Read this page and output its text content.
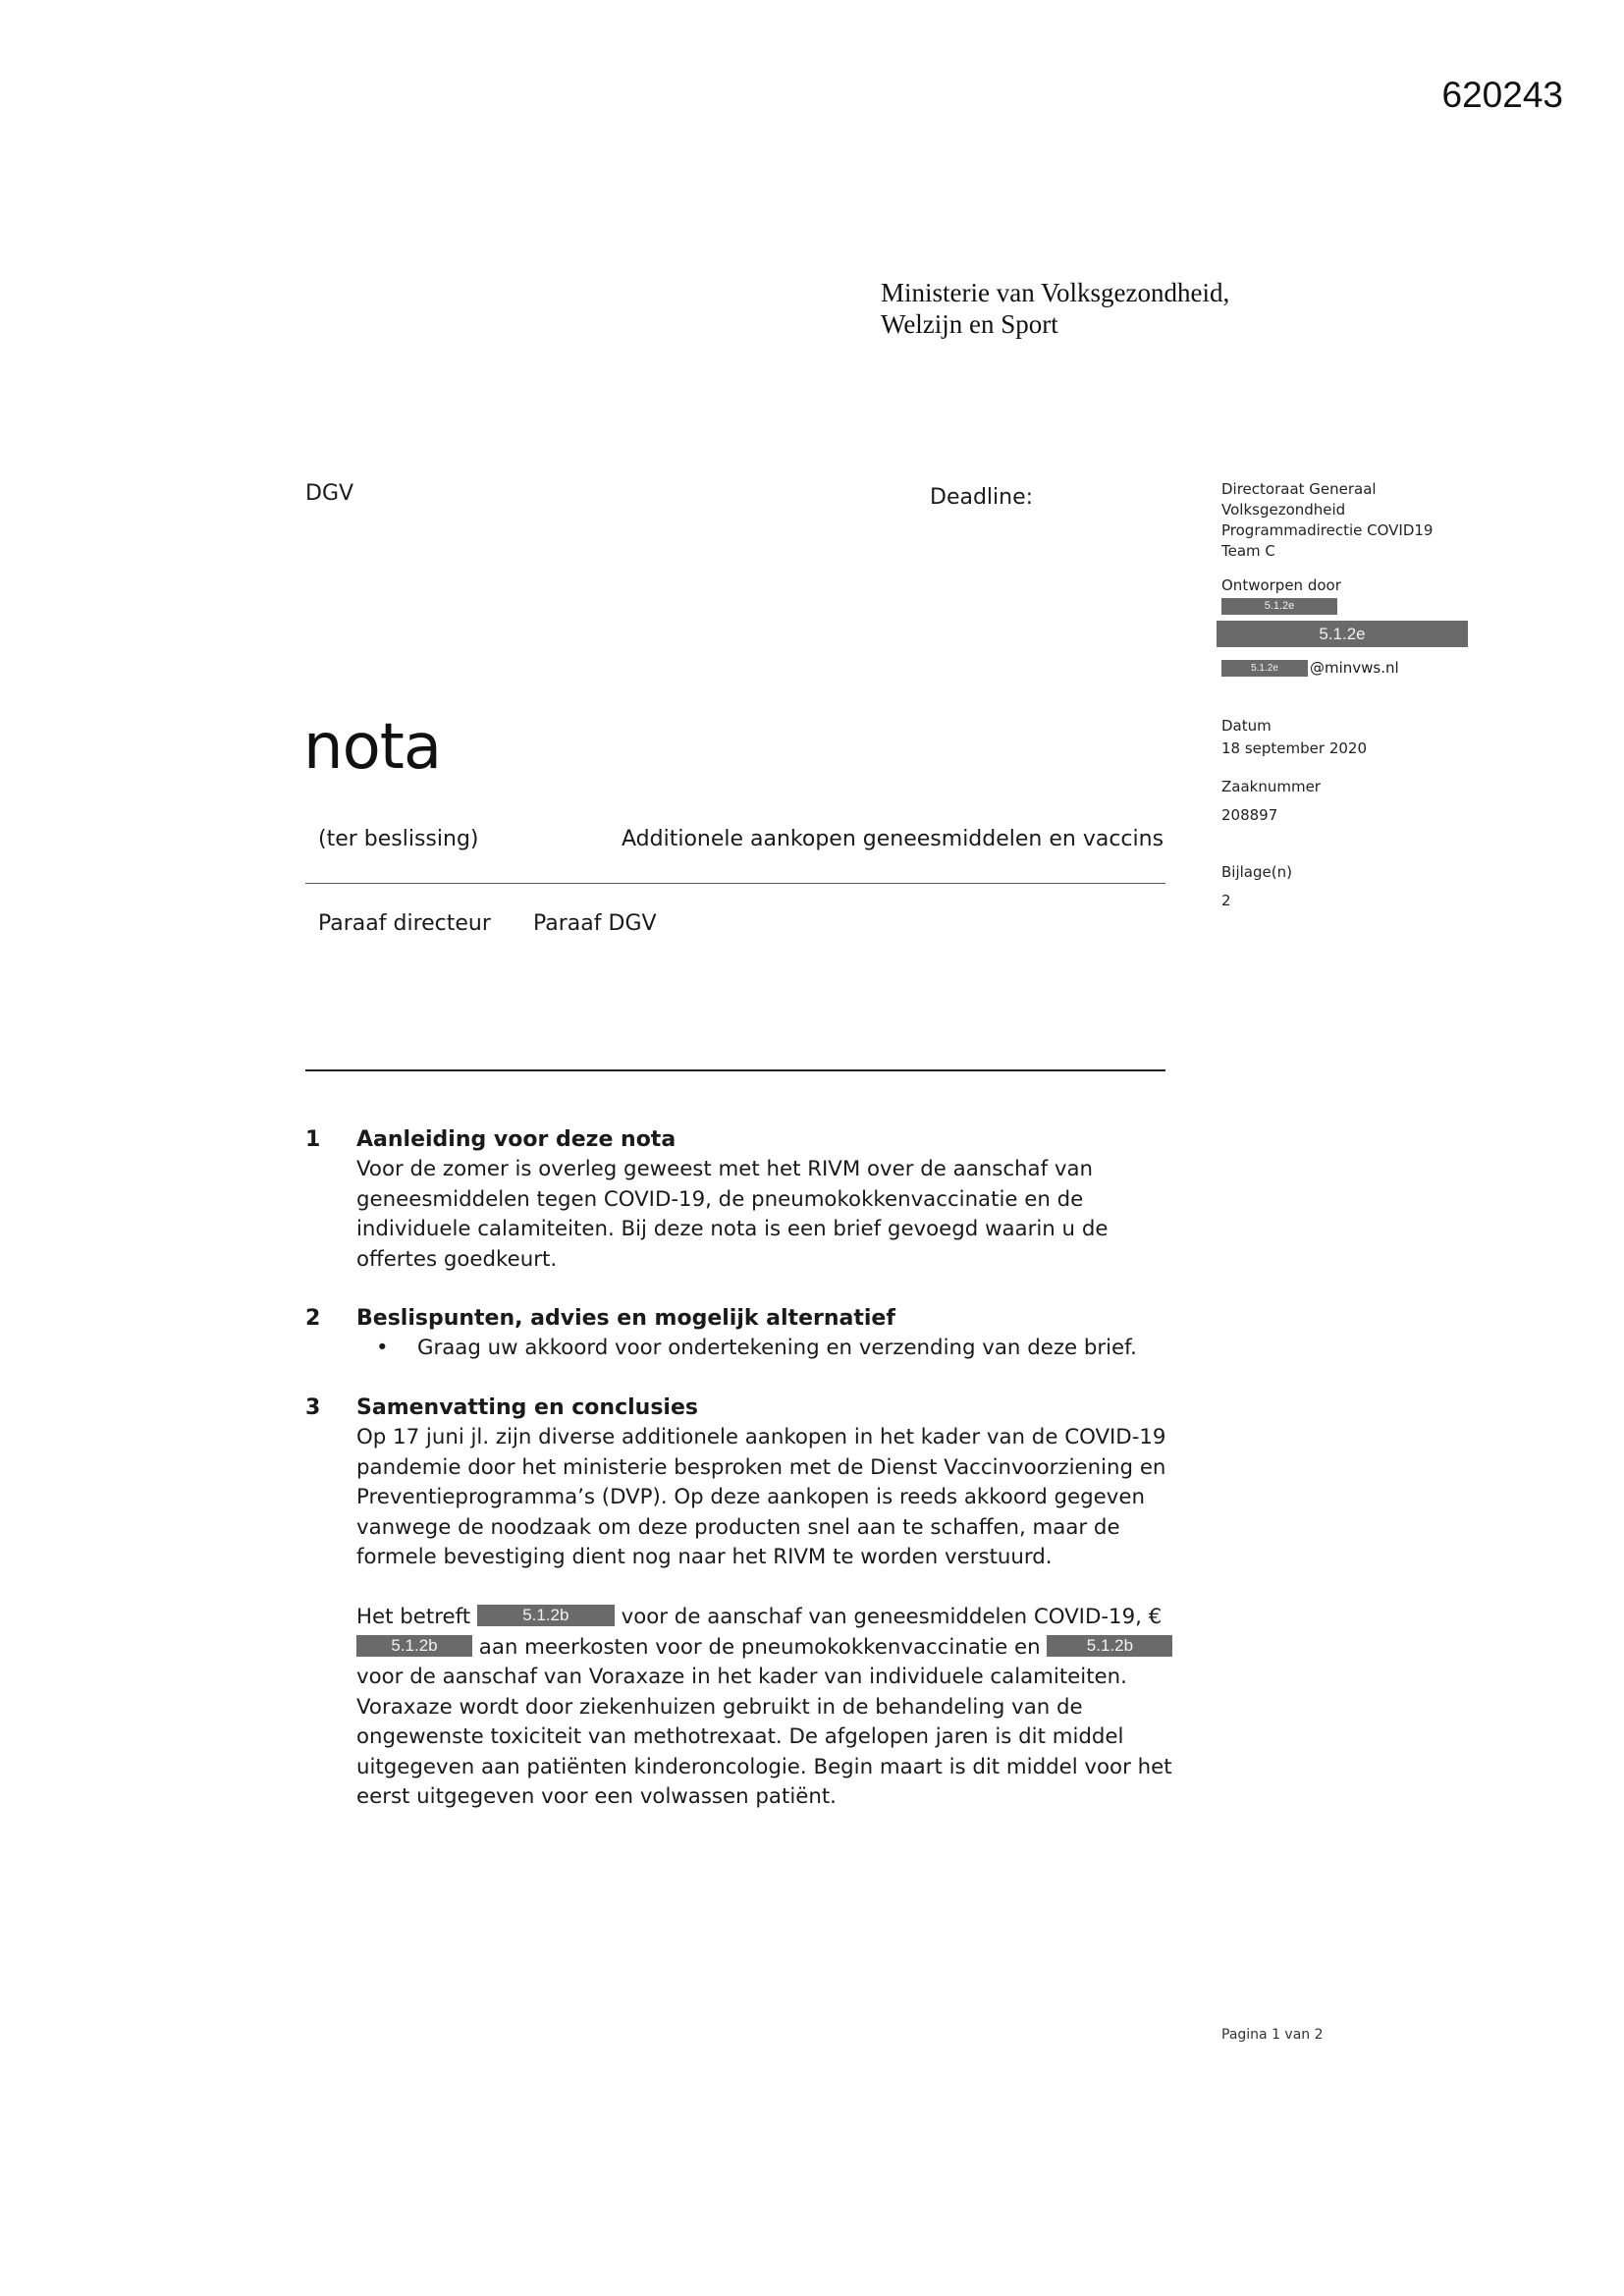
620243
Ministerie van Volksgezondheid,
Welzijn en Sport
DGV	Deadline:	Directoraat Generaal
Volksgezondheid
Programmadirectie COVID19
Team C
Ontworpen door
5.1.2e
5.1.2e
5.1.2e	@minvws.nl
Datum
18 september 2020
Zaaknummer
208897
Bijlage(n)
2
nota
(ter beslissing)	Additionele aankopen geneesmiddelen en vaccins
Paraaf directeur Paraaf DGV
1 Aanleiding voor deze nota
Voor de zomer is overleg geweest met het RIVM over de aanschaf van
geneesmiddelen tegen COVID-19, de pneumokokkenvaccinatie en de
individuele calamiteiten. Bij deze nota is een brief gevoegd waarin u de
offertes goedkeurt.
2 Beslispunten, advies en mogelijk alternatief
• Graag uw akkoord voor ondertekening en verzending van deze brief.
3 Samenvatting en conclusies
Op 17 juni jl. zijn diverse additionele aankopen in het kader van de COVID-19
pandemie door het ministerie besproken met de Dienst Vaccinvoorziening en
Preventieprogramma’s (DVP). Op deze aankopen is reeds akkoord gegeven
vanwege de noodzaak om deze producten snel aan te schaffen, maar de
formele bevestiging dient nog naar het RIVM te worden verstuurd.
Het betreft	5.1.2b voor de aanschaf van geneesmiddelen COVID-19, €
5.1.2b aan meerkosten voor de pneumokokkenvaccinatie en 5.1.2b
voor de aanschaf van Voraxaze in het kader van individuele calamiteiten.
Voraxaze wordt door ziekenhuizen gebruikt in de behandeling van de
ongewenste toxiciteit van methotrexaat. De afgelopen jaren is dit middel
uitgegeven aan patiënten kinderoncologie. Begin maart is dit middel voor het
eerst uitgegeven voor een volwassen patiënt.
Pagina 1 van 2
